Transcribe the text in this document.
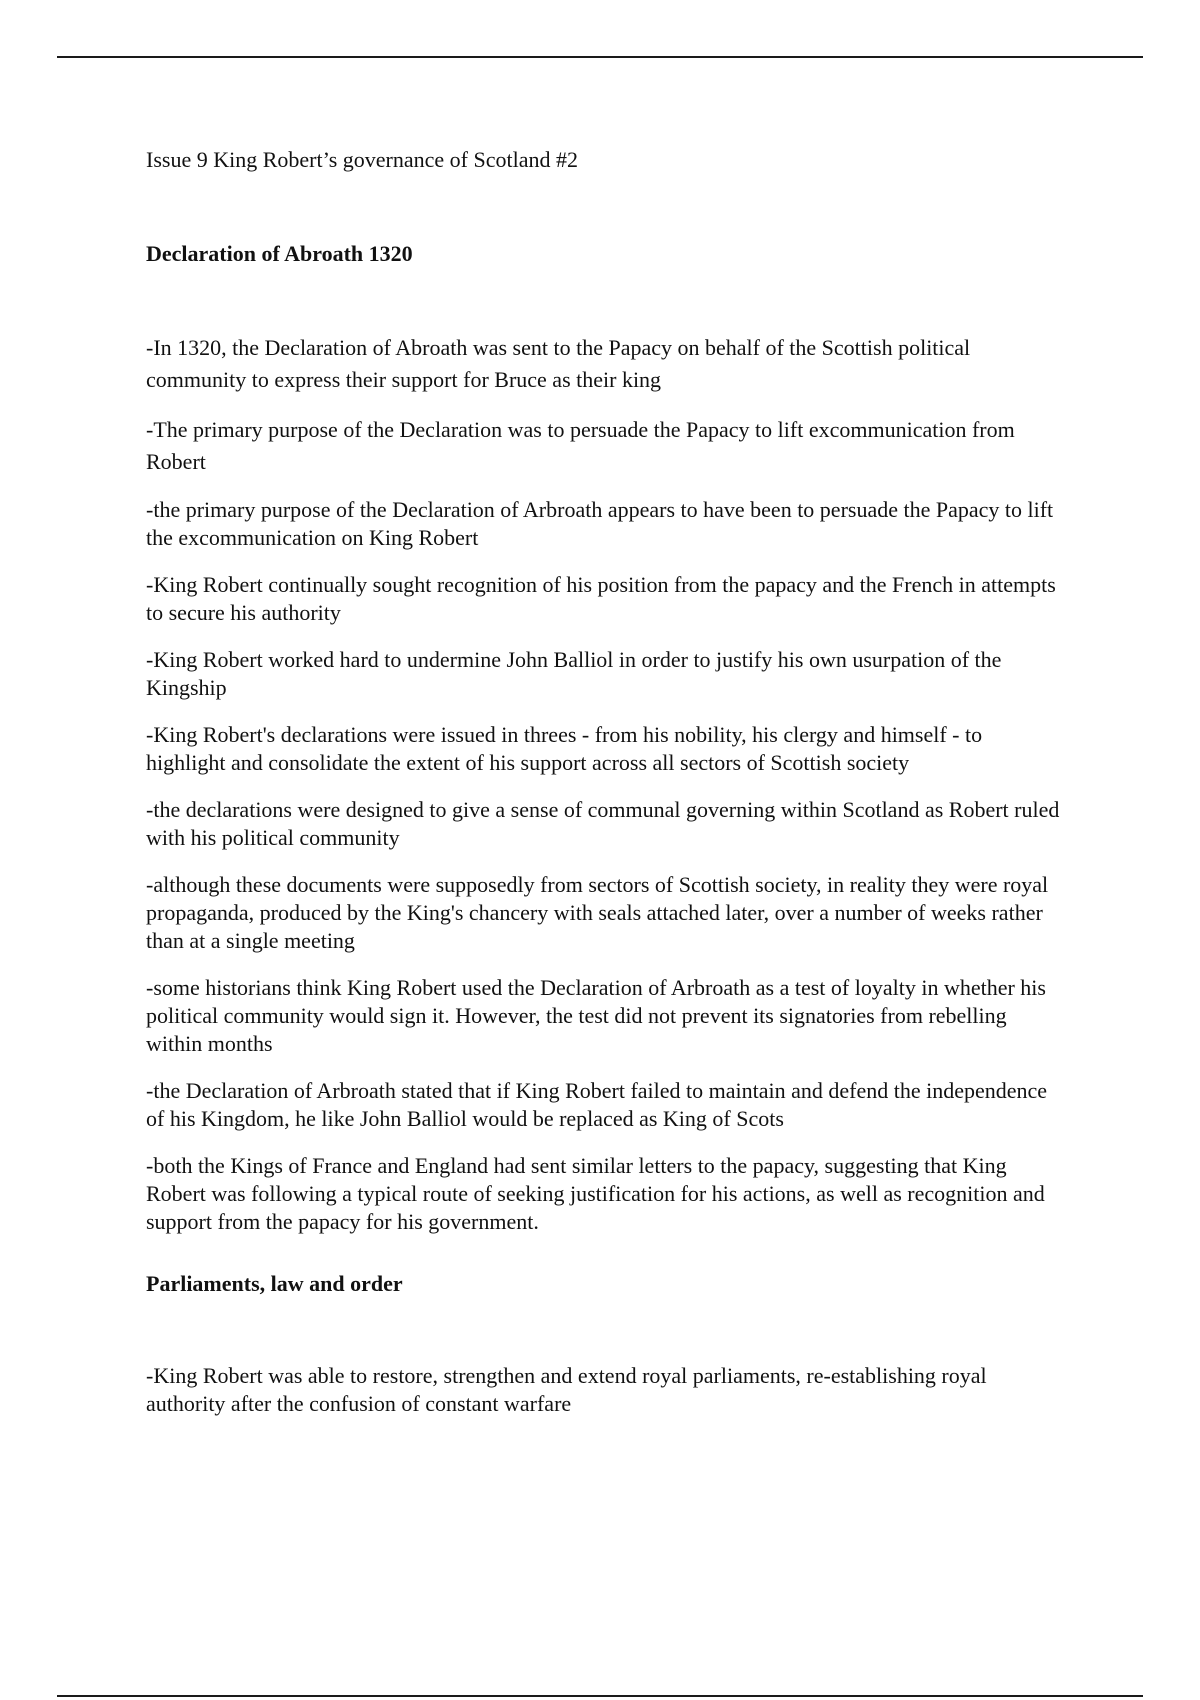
Issue 9 King Robert’s governance of Scotland #2

Declaration of Abroath 1320

-In 1320, the Declaration of Abroath was sent to the Papacy on behalf of the Scottish political community to express their support for Bruce as their king

-The primary purpose of the Declaration was to persuade the Papacy to lift excommunication from Robert

-the primary purpose of the Declaration of Arbroath appears to have been to persuade the Papacy to lift the excommunication on King Robert

-King Robert continually sought recognition of his position from the papacy and the French in attempts to secure his authority

-King Robert worked hard to undermine John Balliol in order to justify his own usurpation of the Kingship

-King Robert's declarations were issued in threes - from his nobility, his clergy and himself - to highlight and consolidate the extent of his support across all sectors of Scottish society

-the declarations were designed to give a sense of communal governing within Scotland as Robert ruled with his political community

-although these documents were supposedly from sectors of Scottish society, in reality they were royal propaganda, produced by the King's chancery with seals attached later, over a number of weeks rather than at a single meeting

-some historians think King Robert used the Declaration of Arbroath as a test of loyalty in whether his political community would sign it. However, the test did not prevent its signatories from rebelling within months

-the Declaration of Arbroath stated that if King Robert failed to maintain and defend the independence of his Kingdom, he like John Balliol would be replaced as King of Scots

-both the Kings of France and England had sent similar letters to the papacy, suggesting that King Robert was following a typical route of seeking justification for his actions, as well as recognition and support from the papacy for his government.

Parliaments, law and order

-King Robert was able to restore, strengthen and extend royal parliaments, re-establishing royal authority after the confusion of constant warfare
